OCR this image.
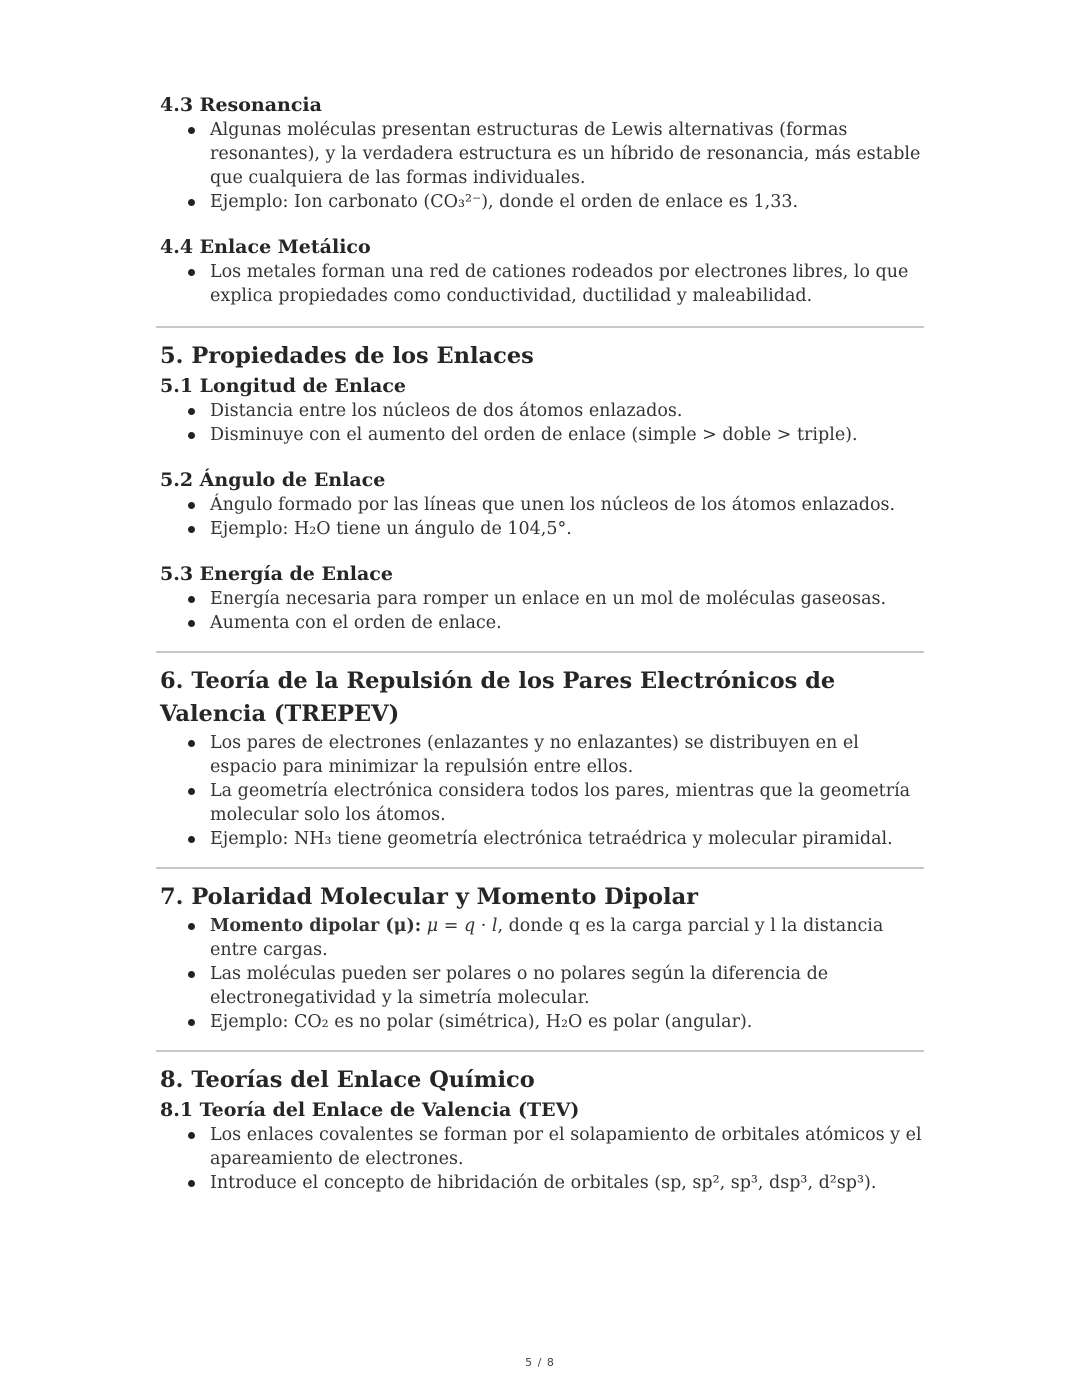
4.3 Resonancia
Algunas moléculas presentan estructuras de Lewis alternativas (formas resonantes), y la verdadera estructura es un híbrido de resonancia, más estable que cualquiera de las formas individuales.
Ejemplo: Ion carbonato (CO₃²⁻), donde el orden de enlace es 1,33.
4.4 Enlace Metálico
Los metales forman una red de cationes rodeados por electrones libres, lo que explica propiedades como conductividad, ductilidad y maleabilidad.
5. Propiedades de los Enlaces
5.1 Longitud de Enlace
Distancia entre los núcleos de dos átomos enlazados.
Disminuye con el aumento del orden de enlace (simple > doble > triple).
5.2 Ángulo de Enlace
Ángulo formado por las líneas que unen los núcleos de los átomos enlazados.
Ejemplo: H₂O tiene un ángulo de 104,5°.
5.3 Energía de Enlace
Energía necesaria para romper un enlace en un mol de moléculas gaseosas.
Aumenta con el orden de enlace.
6. Teoría de la Repulsión de los Pares Electrónicos de Valencia (TREPEV)
Los pares de electrones (enlazantes y no enlazantes) se distribuyen en el espacio para minimizar la repulsión entre ellos.
La geometría electrónica considera todos los pares, mientras que la geometría molecular solo los átomos.
Ejemplo: NH₃ tiene geometría electrónica tetraédrica y molecular piramidal.
7. Polaridad Molecular y Momento Dipolar
Momento dipolar (μ): μ = q · l, donde q es la carga parcial y l la distancia entre cargas.
Las moléculas pueden ser polares o no polares según la diferencia de electronegatividad y la simetría molecular.
Ejemplo: CO₂ es no polar (simétrica), H₂O es polar (angular).
8. Teorías del Enlace Químico
8.1 Teoría del Enlace de Valencia (TEV)
Los enlaces covalentes se forman por el solapamiento de orbitales atómicos y el apareamiento de electrones.
Introduce el concepto de hibridación de orbitales (sp, sp², sp³, dsp³, d²sp³).
5 / 8
